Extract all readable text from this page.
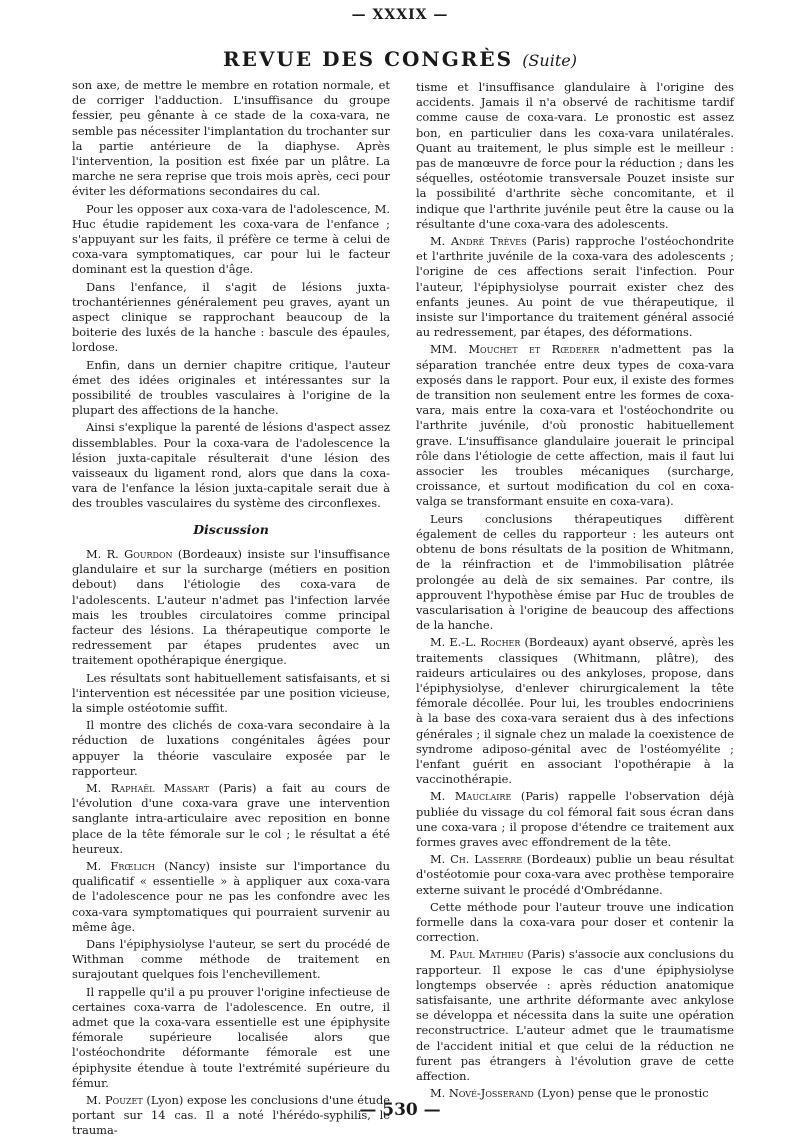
— XXXIX —
REVUE DES CONGRÈS (Suite)

son axe, de mettre le membre en rotation normale, et de corriger l'adduction. L'insuffisance du groupe fessier, peu gênante à ce stade de la coxa-vara, ne semble pas nécessiter l'implantation du trochanter sur la partie antérieure de la diaphyse. Après l'intervention, la position est fixée par un plâtre. La marche ne sera reprise que trois mois après, ceci pour éviter les déformations secondaires du cal.

Pour les opposer aux coxa-vara de l'adolescence, M. Huc étudie rapidement les coxa-vara de l'enfance ; s'appuyant sur les faits, il préfère ce terme à celui de coxa-vara symptomatiques, car pour lui le facteur dominant est la question d'âge.

Dans l'enfance, il s'agit de lésions juxta-trochantériennes généralement peu graves, ayant un aspect clinique se rapprochant beaucoup de la boiterie des luxés de la hanche : bascule des épaules, lordose.

Enfin, dans un dernier chapitre critique, l'auteur émet des idées originales et intéressantes sur la possibilité de troubles vasculaires à l'origine de la plupart des affections de la hanche.

Ainsi s'explique la parenté de lésions d'aspect assez dissemblables. Pour la coxa-vara de l'adolescence la lésion juxta-capitale résulterait d'une lésion des vaisseaux du ligament rond, alors que dans la coxa-vara de l'enfance la lésion juxta-capitale serait due à des troubles vasculaires du système des circonflexes.

Discussion

M. R. Gourdon (Bordeaux) insiste sur l'insuffisance glandulaire et sur la surcharge (métiers en position debout) dans l'étiologie des coxa-vara de l'adolescents. L'auteur n'admet pas l'infection larvée mais les troubles circulatoires comme principal facteur des lésions. La thérapeutique comporte le redressement par étapes prudentes avec un traitement opothérapique énergique.

Les résultats sont habituellement satisfaisants, et si l'intervention est nécessitée par une position vicieuse, la simple ostéotomie suffit.

Il montre des clichés de coxa-vara secondaire à la réduction de luxations congénitales âgées pour appuyer la théorie vasculaire exposée par le rapporteur.

M. Raphaël Massart (Paris) a fait au cours de l'évolution d'une coxa-vara grave une intervention sanglante intra-articulaire avec reposition en bonne place de la tête fémorale sur le col ; le résultat a été heureux.

M. Frœlich (Nancy) insiste sur l'importance du qualificatif « essentielle » à appliquer aux coxa-vara de l'adolescence pour ne pas les confondre avec les coxa-vara symptomatiques qui pourraient survenir au même âge.

Dans l'épiphysiolyse l'auteur, se sert du procédé de Withman comme méthode de traitement en surajoutant quelques fois l'enchevillement.

Il rappelle qu'il a pu prouver l'origine infectieuse de certaines coxa-varra de l'adolescence. En outre, il admet que la coxa-vara essentielle est une épiphysite fémorale supérieure localisée alors que l'ostéochondrite déformante fémorale est une épiphysite étendue à toute l'extrémité supérieure du fémur.

M. Pouzet (Lyon) expose les conclusions d'une étude portant sur 14 cas. Il a noté l'hérédo-syphilis, le trauma-

tisme et l'insuffisance glandulaire à l'origine des accidents. Jamais il n'a observé de rachitisme tardif comme cause de coxa-vara. Le pronostic est assez bon, en particulier dans les coxa-vara unilatérales. Quant au traitement, le plus simple est le meilleur : pas de manœuvre de force pour la réduction ; dans les séquelles, ostéotomie transversale Pouzet insiste sur la possibilité d'arthrite sèche concomitante, et il indique que l'arthrite juvénile peut être la cause ou la résultante d'une coxa-vara des adolescents.

M. André Trèves (Paris) rapproche l'ostéochondrite et l'arthrite juvénile de la coxa-vara des adolescents ; l'origine de ces affections serait l'infection. Pour l'auteur, l'épiphysiolyse pourrait exister chez des enfants jeunes. Au point de vue thérapeutique, il insiste sur l'importance du traitement général associé au redressement, par étapes, des déformations.

MM. Mouchet et Rœderer n'admettent pas la séparation tranchée entre deux types de coxa-vara exposés dans le rapport. Pour eux, il existe des formes de transition non seulement entre les formes de coxa-vara, mais entre la coxa-vara et l'ostéochondrite ou l'arthrite juvénile, d'où pronostic habituellement grave. L'insuffisance glandulaire jouerait le principal rôle dans l'étiologie de cette affection, mais il faut lui associer les troubles mécaniques (surcharge, croissance, et surtout modification du col en coxa-valga se transformant ensuite en coxa-vara).

Leurs conclusions thérapeutiques diffèrent également de celles du rapporteur : les auteurs ont obtenu de bons résultats de la position de Whitmann, de la réinfraction et de l'immobilisation plâtrée prolongée au delà de six semaines. Par contre, ils approuvent l'hypothèse émise par Huc de troubles de vascularisation à l'origine de beaucoup des affections de la hanche.

M. E.-L. Rocher (Bordeaux) ayant observé, après les traitements classiques (Whitmann, plâtre), des raideurs articulaires ou des ankyloses, propose, dans l'épiphysiolyse, d'enlever chirurgicalement la tête fémorale décollée. Pour lui, les troubles endocriniens à la base des coxa-vara seraient dus à des infections générales ; il signale chez un malade la coexistence de syndrome adiposo-génital avec de l'ostéomyélite ; l'enfant guérit en associant l'opothérapie à la vaccinothérapie.

M. Mauclaire (Paris) rappelle l'observation déjà publiée du vissage du col fémoral fait sous écran dans une coxa-vara ; il propose d'étendre ce traitement aux formes graves avec effondrement de la tête.

M. Ch. Lasserre (Bordeaux) publie un beau résultat d'ostéotomie pour coxa-vara avec prothèse temporaire externe suivant le procédé d'Ombrédanne.

Cette méthode pour l'auteur trouve une indication formelle dans la coxa-vara pour doser et contenir la correction.

M. Paul Mathieu (Paris) s'associe aux conclusions du rapporteur. Il expose le cas d'une épiphysiolyse longtemps observée : après réduction anatomique satisfaisante, une arthrite déformante avec ankylose se développa et nécessita dans la suite une opération reconstructrice. L'auteur admet que le traumatisme de l'accident initial et que celui de la réduction ne furent pas étrangers à l'évolution grave de cette affection.

M. Nové-Josserand (Lyon) pense que le pronostic

— 530 —
